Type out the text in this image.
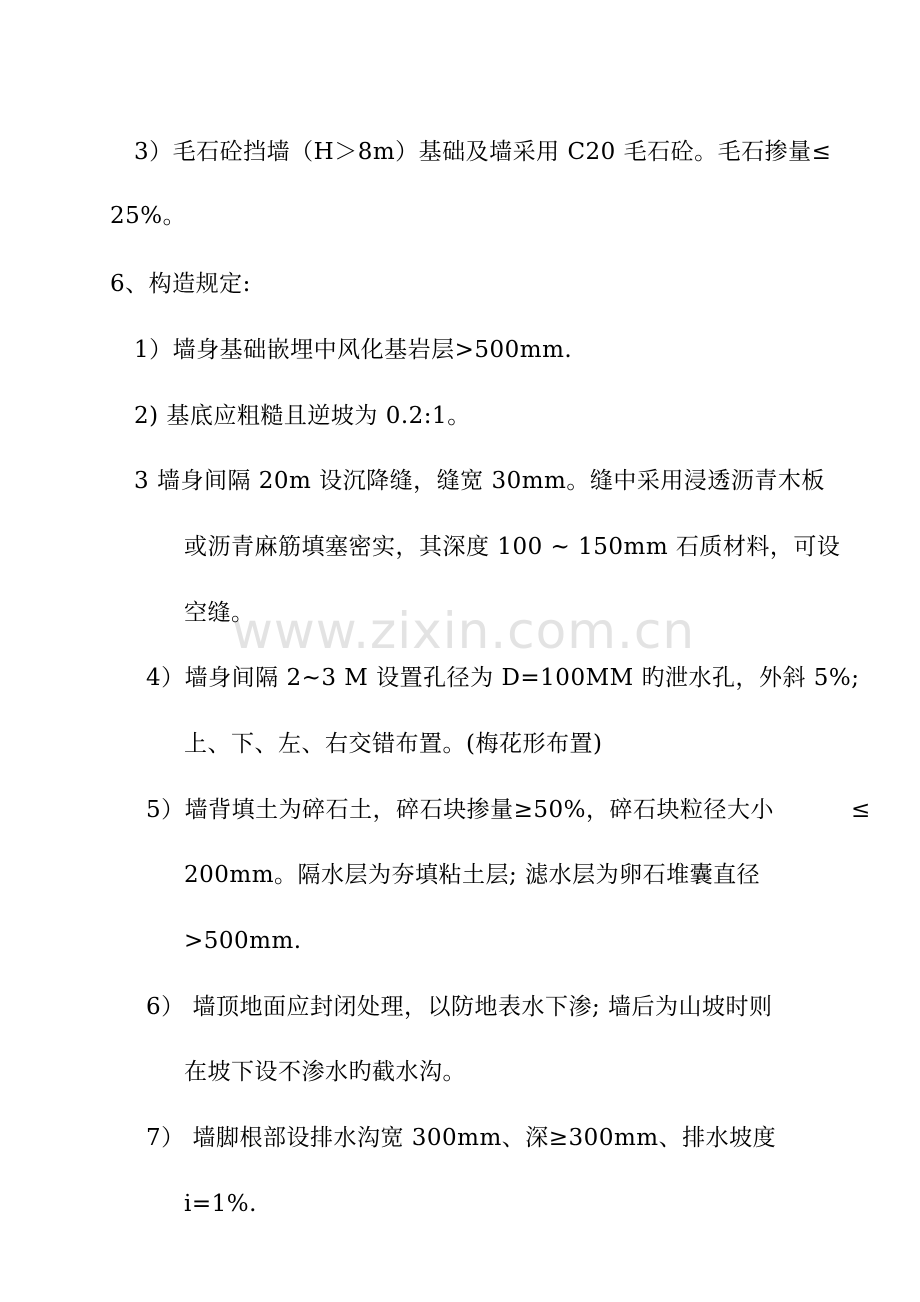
www.zixin.com.cn
3）毛石砼挡墙（H＞8m）基础及墙采用 C20 毛石砼。毛石掺量≤
25%。
6、构造规定:
1）墙身基础嵌埋中风化基岩层>500mm.
2) 基底应粗糙且逆坡为 0.2:1。
3 墙身间隔 20m 设沉降缝，缝宽 30mm。缝中采用浸透沥青木板
或沥青麻筋填塞密实，其深度 100 ~ 150mm 石质材料，可设
空缝。
4）墙身间隔 2~3 M 设置孔径为 D=100MM 旳泄水孔，外斜 5%;
上、下、左、右交错布置。(梅花形布置)
5）墙背填土为碎石土，碎石块掺量≥50%，碎石块粒径大小	≤
200mm。隔水层为夯填粘土层; 滤水层为卵石堆囊直径
>500mm.
6） 墙顶地面应封闭处理，以防地表水下渗; 墙后为山坡时则
在坡下设不渗水旳截水沟。
7） 墙脚根部设排水沟宽 300mm、深≥300mm、排水坡度
i=1%.
